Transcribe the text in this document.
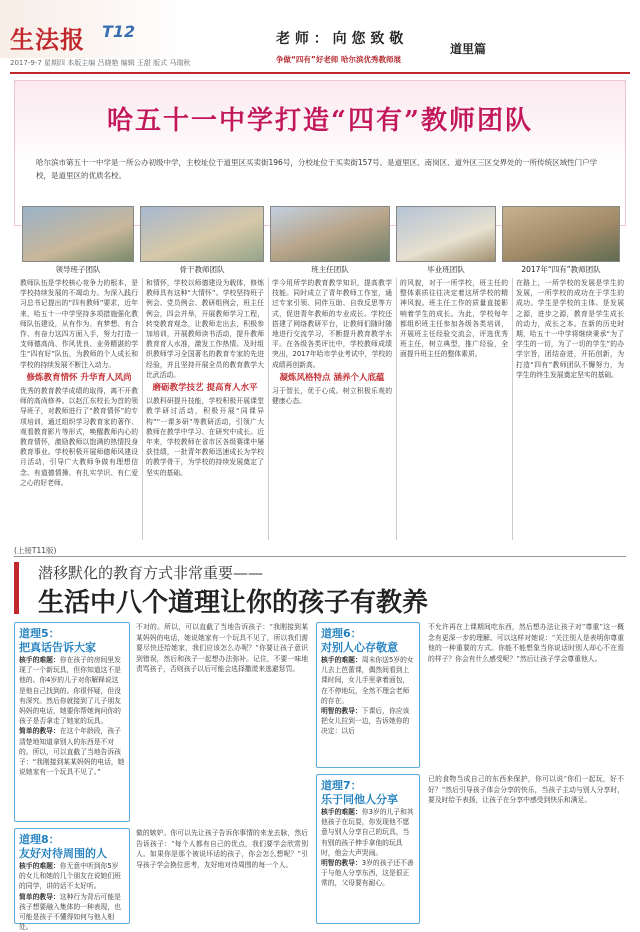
生法报 T12
2017-9-7 星期四 本版主编 吕晓艳 编辑 王甜 版式 马瑞秋
老 师 ： 向 您 致 敬
争做“四有”好老师 哈尔滨优秀教师展
道里篇
哈五十一中学打造“四有”教师团队
哈尔滨市第五十一中学是一所公办初级中学，主校址位于道里区买卖街196号，分校址位于买卖街157号。是道里区、南岗区、道外区三区交界处的一所传统区域性门户学校，是道里区的优质名校。
领导班子团队	骨干教师团队	班主任团队	毕业班团队	2017年“四有”教师团队

教师队伍是学校核心竞争力的根本，是学校持续发展的不竭动力。为深入践行习总书记提出的“四有教师”要求，近年来，哈五十一中学坚持多项措施强化教师队伍建设，从有作为、有梦想、有合作、有奋力这四方面入手，努力打造一支师德高尚、作风优良、业务精湛的学生“四有好”队伍，为教师的个人成长和学校的持续发展不断注入动力。

修炼教育情怀 升华育人风尚

优秀的教育教学成绩的取得，离不开教师的高尚修养。以赵江东校长为首的领导班子，对教师进行了“教育情怀”的专项培训，通过组织学习教育家的著作、观看教育影片等形式，唤醒教师内心的教育情怀，激励教师以饱满的热情投身教育事业。学校积极开展师德师风建设月活动，引导广大教师争做有理想信念、有道德情操、有扎实学识、有仁爱之心的好老师。

和情怀，学校以师德建设为载体，修炼教师具有这种“大情怀”。学校坚持班子例会、党员例会、教研组例会，班主任例会，四会并举，开展教师学习工程，转变教育观念，让教师走出去，积极参加培训，开展教师读书活动，提升教师教育育人水准，激发工作热情。及时组织教师学习全国著名的教育专家的先进经验，并且坚持开展全员的教育教学大比武活动。

磨砺教学技艺 提高育人水平

以教科研提升技能，学校积极开展课堂教学研讨活动，积极开展“同课异构”“一课多研”等教研活动，引领广大教师在教学中学习、在研究中成长。近年来，学校教师在省市区各级赛课中屡获佳绩，一批青年教师迅速成长为学校的教学骨干，为学校的持续发展奠定了坚实的基础。

学今用所学的教育教学知识，提高教学技能。同时成立了青年教师工作室，通过专家引领、同伴互助、自我反思等方式，促进青年教师的专业成长。学校还搭建了网络教研平台，让教师们随时随地进行交流学习，不断提升教育教学水平。在各级各类评比中，学校教师成绩突出，2017年哈市学业考试中，学校的成绩再创新高。

凝炼风格特点 涵养个人底蕴

习于智长，优于心成。树立积极乐观的健康心态。

的风貌，对于一所学校，班主任的整体素质往往决定着这所学校的精神风貌。班主任工作的质量直接影响着学生的成长。为此，学校每年都组织班主任参加各级各类培训，开展班主任经验交流会，评选优秀班主任，树立典型，推广经验，全面提升班主任的整体素质。

在路上，一所学校的发展是学生的发展，一所学校的成功在于学生的成功。学生是学校的主体。是发展之源，进步之源，教育是学生成长的动力，成长之本。在新的历史时期，哈五十一中学将继续秉承“为了学生的一切，为了一切的学生”的办学宗旨，团结奋进，开拓创新，为打造“四有”教师团队不懈努力，为学生的终生发展奠定坚实的基础。

(上接T11版)
潜移默化的教育方式非常重要——
生活中八个道理让你的孩子有教养
道理5：
把真话告诉大家

核手的难题：你在孩子的房间里发现了一个新玩具，但你知道这不是他的。你4岁的儿子对你解释说这是他自己找到的。你很怀疑，但没有深究。然后你就接到了儿子朋友妈妈的电话，她要你帮她询问你的孩子是否拿走了她家的玩具。

简单的教导：在这个年龄段，孩子清楚地知道拿别人的东西是不对的。所以，可以直截了当地告诉孩子：“我刚接到某某妈妈的电话，她说她家有一个玩具不见了。”

不对的。所以，可以直截了当地告诉孩子：“我刚接到某某妈妈的电话，她说她家有一个玩具不见了，所以我们需要尽快还给她家，我们应该怎么办呢？”你要让孩子意识到错误，然后和孩子一起想办法弥补。记住，不要一味地责骂孩子，否则孩子以后可能会选择撒谎来逃避惩罚。
道理6：
对别人心存敬意

核手的难题：周末你送5岁的女儿去上芭蕾课，偶然间看到上课时间，女儿手里拿着面包，在不停地玩，全然不理会老师的存在。

明智的教导：下课后，你应该把女儿拉到一边，告诉她你的决定：以后

不允许再在上课期间吃东西，然后想办法让孩子对“尊重”这一概念有更深一步的理解。可以这样对她说：“关注别人是表明你尊重他的一种重要的方式。你能不能想象当你说话时别人却心不在焉的样子？你会有什么感受呢？”然后让孩子学会尊重他人。
道理8：
友好对待周围的人

核手的难题：你无意中听到你5岁的女儿和她的几个朋友在说她们班的同学，讲的话不太好听。

简单的教导：这种行为背后可能是孩子想要融入集体的一种表现，也可能是孩子不懂得如何与他人相处。

做的嫉妒。你可以先让孩子告诉你事情的来龙去脉，然后告诉孩子：“每个人都有自己的优点，我们要学会欣赏别人。如果你是那个被说坏话的孩子，你会怎么想呢？”引导孩子学会换位思考，友好地对待周围的每一个人。
道理7：
乐于同他人分享

核手的难题：你3岁的儿子和其他孩子在玩耍，你发现他不愿意与别人分享自己的玩具，当有别的孩子伸手拿他的玩具时，他会大声哭闹。

明智的教导：3岁的孩子还不善于与他人分享东西，这是很正常的，父母要有耐心。

已的食物当成自己的东西来保护，你可以说“你们一起玩，好不好？”然后引导孩子体会分享的快乐，当孩子主动与别人分享时，要及时给予表扬，让孩子在分享中感受到快乐和满足。
